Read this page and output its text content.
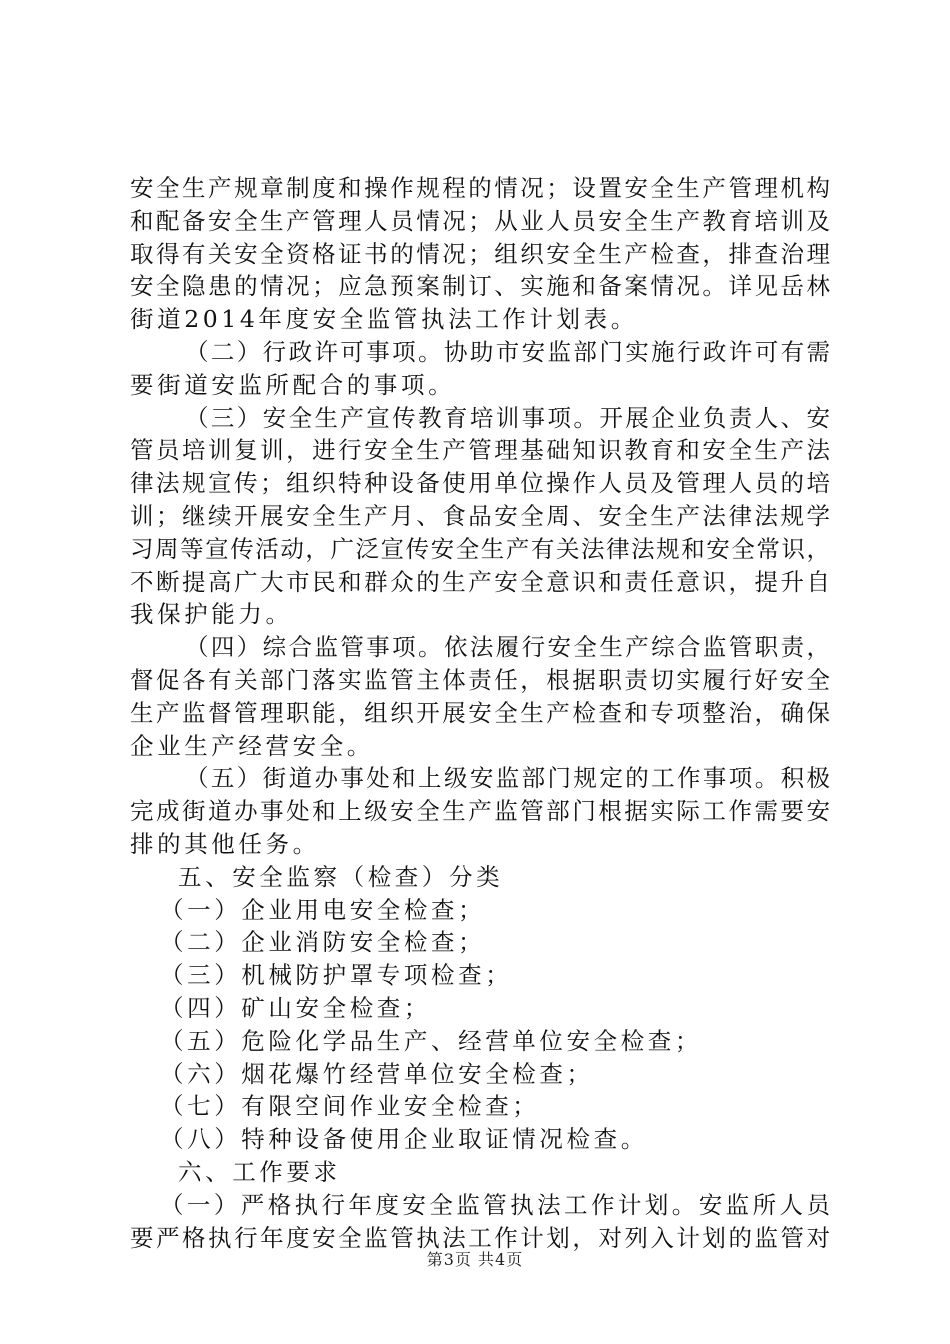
安全生产规章制度和操作规程的情况；设置安全生产管理机构
和配备安全生产管理人员情况；从业人员安全生产教育培训及
取得有关安全资格证书的情况；组织安全生产检查，排查治理
安全隐患的情况；应急预案制订、实施和备案情况。详见岳林
街道2014年度安全监管执法工作计划表。
（二）行政许可事项。协助市安监部门实施行政许可有需
要街道安监所配合的事项。
（三）安全生产宣传教育培训事项。开展企业负责人、安
管员培训复训，进行安全生产管理基础知识教育和安全生产法
律法规宣传；组织特种设备使用单位操作人员及管理人员的培
训；继续开展安全生产月、食品安全周、安全生产法律法规学
习周等宣传活动，广泛宣传安全生产有关法律法规和安全常识，
不断提高广大市民和群众的生产安全意识和责任意识，提升自
我保护能力。
（四）综合监管事项。依法履行安全生产综合监管职责，
督促各有关部门落实监管主体责任，根据职责切实履行好安全
生产监督管理职能，组织开展安全生产检查和专项整治，确保
企业生产经营安全。
（五）街道办事处和上级安监部门规定的工作事项。积极
完成街道办事处和上级安全生产监管部门根据实际工作需要安
排的其他任务。
五、安全监察（检查）分类
（一）企业用电安全检查；
（二）企业消防安全检查；
（三）机械防护罩专项检查；
（四）矿山安全检查；
（五）危险化学品生产、经营单位安全检查；
（六）烟花爆竹经营单位安全检查；
（七）有限空间作业安全检查；
（八）特种设备使用企业取证情况检查。
六、工作要求
（一）严格执行年度安全监管执法工作计划。安监所人员
要严格执行年度安全监管执法工作计划，对列入计划的监管对
第3页 共4页
